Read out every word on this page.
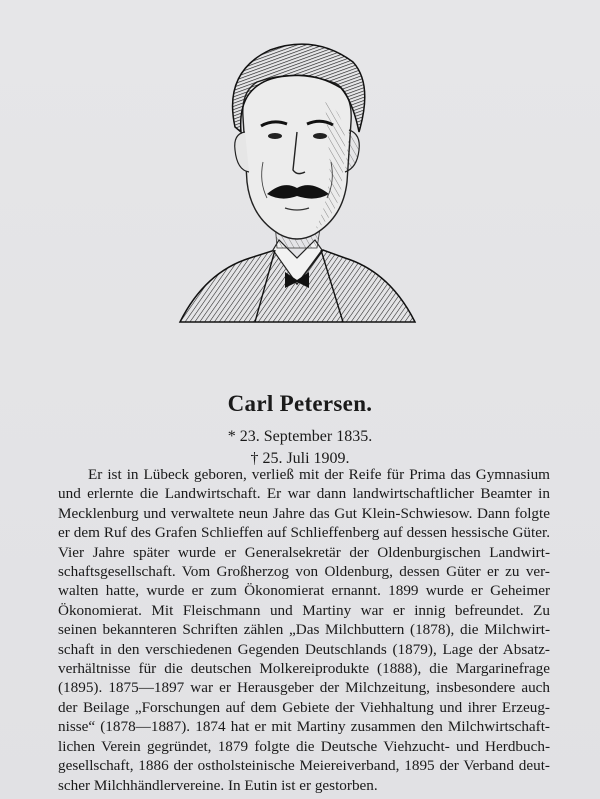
Carl Petersen.
* 23. September 1835.
† 25. Juli 1909.
Er ist in Lübeck geboren, verließ mit der Reife für Prima das Gymnasium
und erlernte die Landwirtschaft. Er war dann landwirtschaftlicher Beamter in
Mecklenburg und verwaltete neun Jahre das Gut Klein-Schwiesow. Dann folgte
er dem Ruf des Grafen Schlieffen auf Schlieffenberg auf dessen hessische Güter.
Vier Jahre später wurde er Generalsekretär der Oldenburgischen Landwirt-
schaftsgesellschaft. Vom Großherzog von Oldenburg, dessen Güter er zu ver-
walten hatte, wurde er zum Ökonomierat ernannt. 1899 wurde er Geheimer
Ökonomierat. Mit Fleischmann und Martiny war er innig befreundet. Zu
seinen bekannteren Schriften zählen „Das Milchbuttern (1878), die Milchwirt-
schaft in den verschiedenen Gegenden Deutschlands (1879), Lage der Absatz-
verhältnisse für die deutschen Molkereiprodukte (1888), die Margarinefrage
(1895). 1875—1897 war er Herausgeber der Milchzeitung, insbesondere auch
der Beilage „Forschungen auf dem Gebiete der Viehhaltung und ihrer Erzeug-
nisse“ (1878—1887). 1874 hat er mit Martiny zusammen den Milchwirtschaft-
lichen Verein gegründet, 1879 folgte die Deutsche Viehzucht- und Herdbuch-
gesellschaft, 1886 der ostholsteinische Meiereiverband, 1895 der Verband deut-
scher Milchhändlervereine. In Eutin ist er gestorben.
